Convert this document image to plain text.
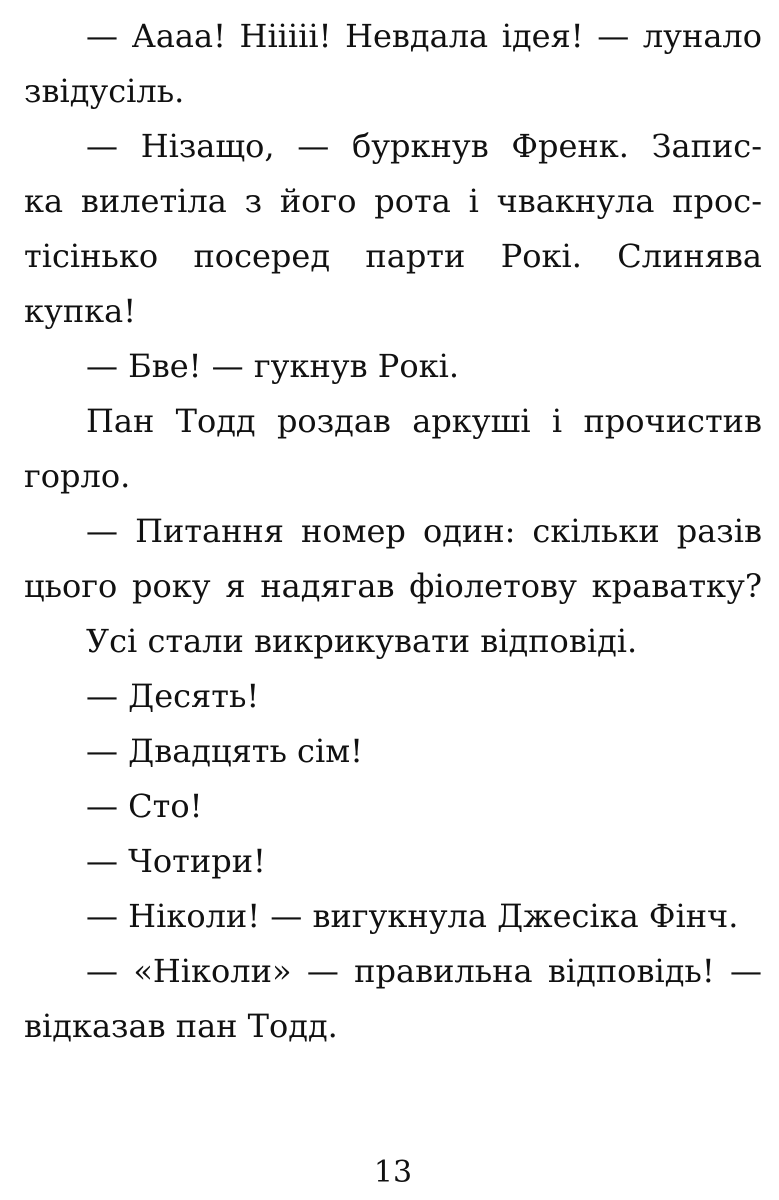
— Аааа! Нііііі! Невдала ідея! — лунало
звідусіль.
— Нізащо, — буркнув Френк. Запис-
ка вилетіла з його рота і чвакнула прос-
тісінько посеред парти Рокі. Слинява
купка!
— Бве! — гукнув Рокі.
Пан Тодд роздав аркуші і прочистив
горло.
— Питання номер один: скільки разів
цього року я надягав фіолетову краватку?
Усі стали викрикувати відповіді.
— Десять!
— Двадцять сім!
— Сто!
— Чотири!
— Ніколи! — вигукнула Джесіка Фінч.
— «Ніколи» — правильна відповідь! —
відказав пан Тодд.
13
